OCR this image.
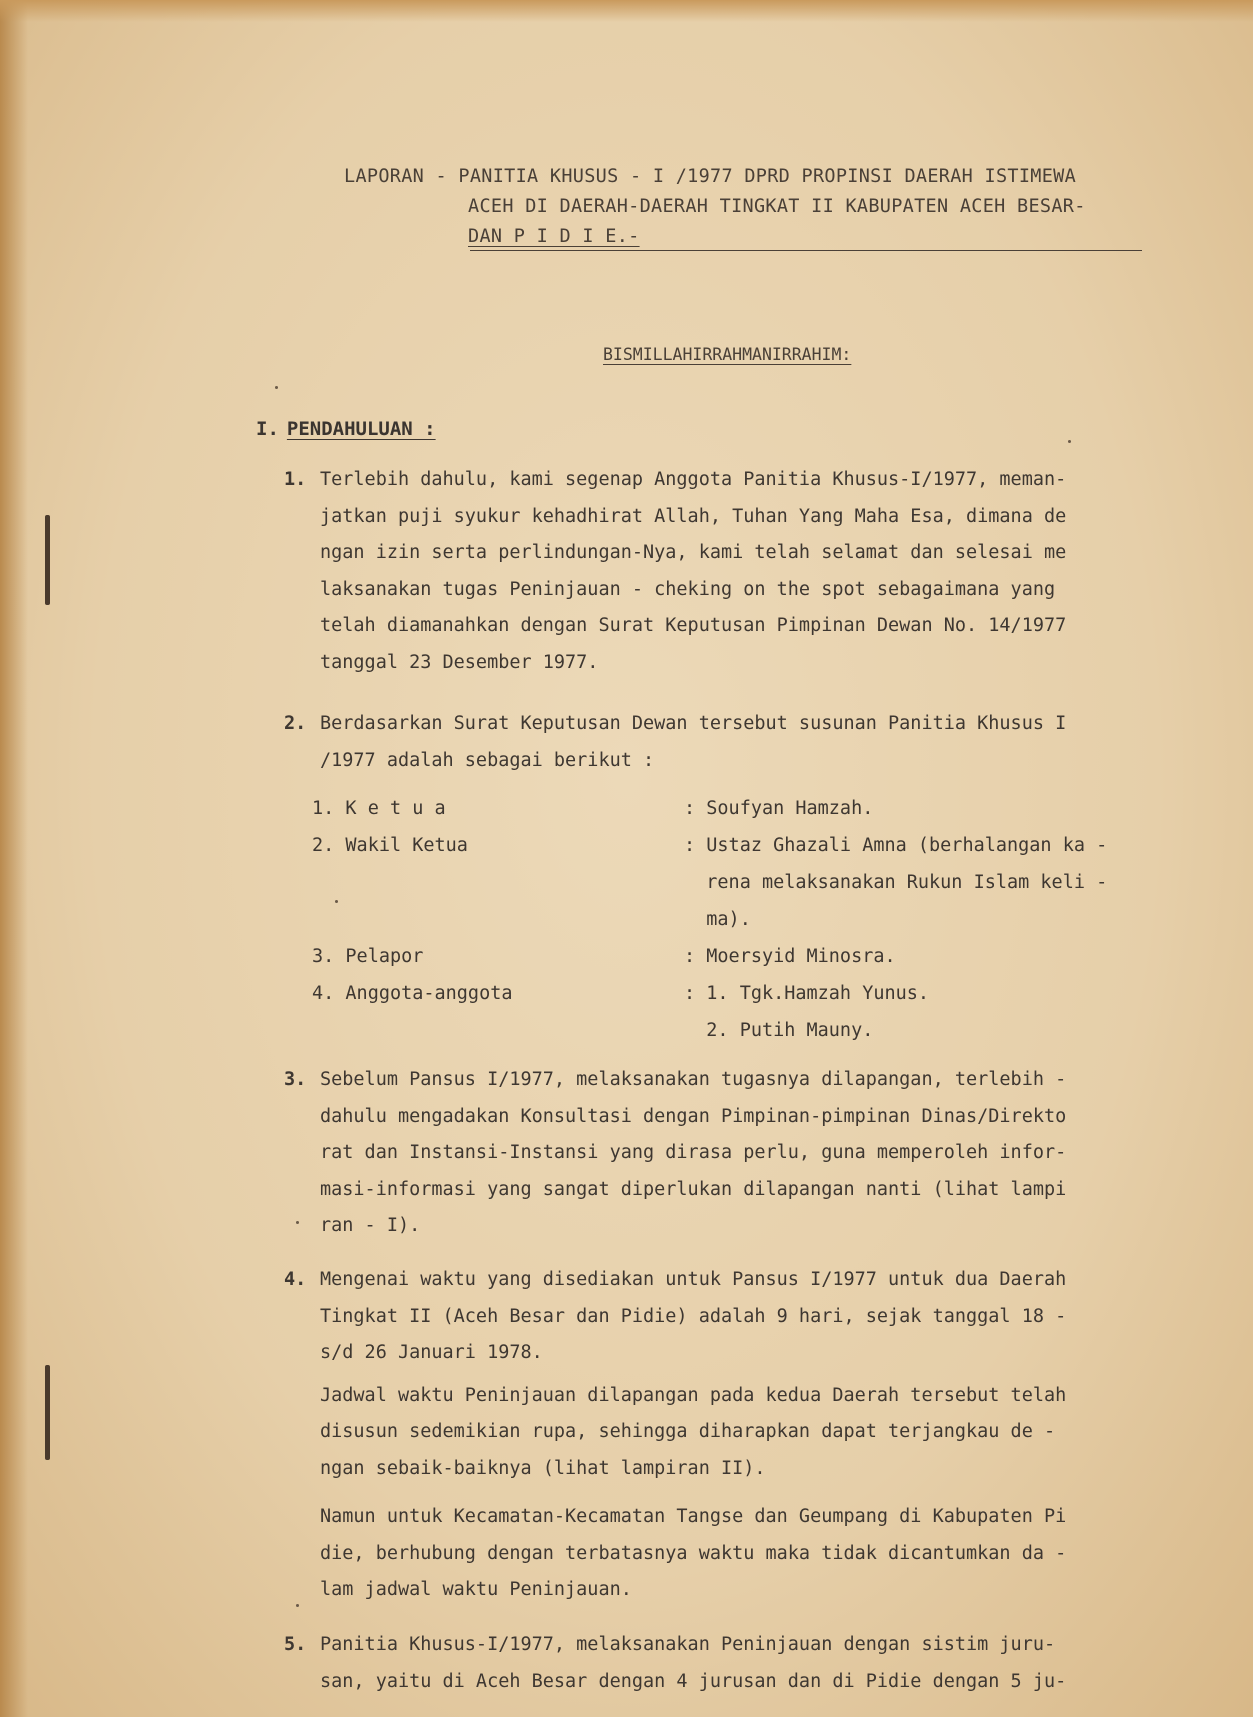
LAPORAN - PANITIA KHUSUS - I /1977 DPRD PROPINSI DAERAH ISTIMEWA
ACEH DI DAERAH-DAERAH TINGKAT II KABUPATEN ACEH BESAR-
DAN P I D I E.-
BISMILLAHIRRAHMANIRRAHIM:
I. PENDAHULUAN :
1. Terlebih dahulu, kami segenap Anggota Panitia Khusus-I/1977, meman-
jatkan puji syukur kehadhirat Allah, Tuhan Yang Maha Esa, dimana de
ngan izin serta perlindungan-Nya, kami telah selamat dan selesai me
laksanakan tugas Peninjauan - cheking on the spot sebagaimana yang
telah diamanahkan dengan Surat Keputusan Pimpinan Dewan No. 14/1977
tanggal 23 Desember 1977.
2. Berdasarkan Surat Keputusan Dewan tersebut susunan Panitia Khusus I
/1977 adalah sebagai berikut :
1. K e t u a	: Soufyan Hamzah.
2. Wakil Ketua	: Ustaz Ghazali Amna (berhalangan ka -
rena melaksanakan Rukun Islam keli -
ma).
3. Pelapor	: Moersyid Minosra.
4. Anggota-anggota	: 1. Tgk.Hamzah Yunus.
2. Putih Mauny.
3. Sebelum Pansus I/1977, melaksanakan tugasnya dilapangan, terlebih -
dahulu mengadakan Konsultasi dengan Pimpinan-pimpinan Dinas/Direkto
rat dan Instansi-Instansi yang dirasa perlu, guna memperoleh infor-
masi-informasi yang sangat diperlukan dilapangan nanti (lihat lampi
ran - I).
4. Mengenai waktu yang disediakan untuk Pansus I/1977 untuk dua Daerah
Tingkat II (Aceh Besar dan Pidie) adalah 9 hari, sejak tanggal 18 -
s/d 26 Januari 1978.
Jadwal waktu Peninjauan dilapangan pada kedua Daerah tersebut telah
disusun sedemikian rupa, sehingga diharapkan dapat terjangkau de -
ngan sebaik-baiknya (lihat lampiran II).
Namun untuk Kecamatan-Kecamatan Tangse dan Geumpang di Kabupaten Pi
die, berhubung dengan terbatasnya waktu maka tidak dicantumkan da -
lam jadwal waktu Peninjauan.
5. Panitia Khusus-I/1977, melaksanakan Peninjauan dengan sistim juru-
san, yaitu di Aceh Besar dengan 4 jurusan dan di Pidie dengan 5 ju-
